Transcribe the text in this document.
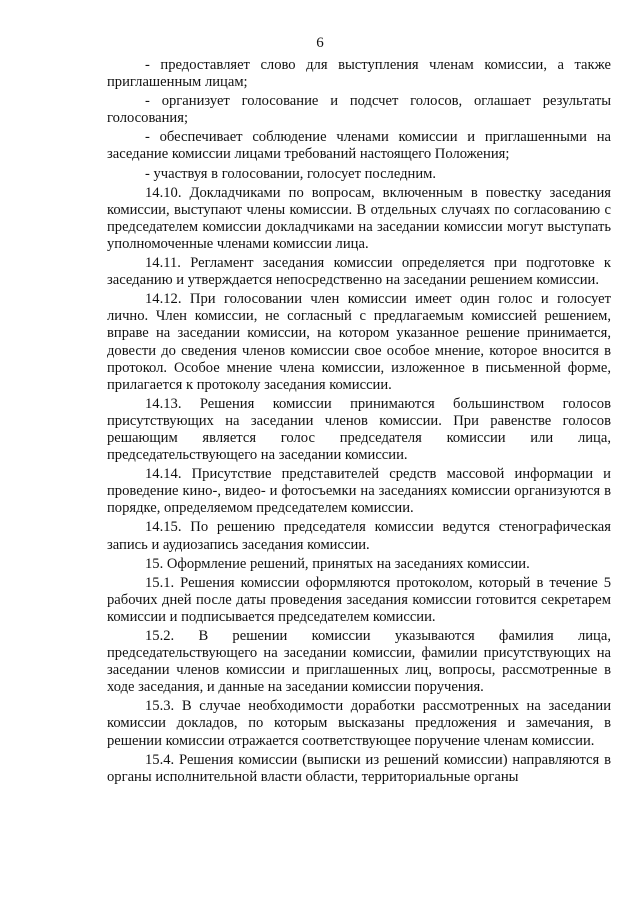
6

- предоставляет слово для выступления членам комиссии, а также приглашенным лицам;

- организует голосование и подсчет голосов, оглашает результаты голосования;

- обеспечивает соблюдение членами комиссии и приглашенными на заседание комиссии лицами требований настоящего Положения;

- участвуя в голосовании, голосует последним.

14.10. Докладчиками по вопросам, включенным в повестку заседания комиссии, выступают члены комиссии. В отдельных случаях по согласованию с председателем комиссии докладчиками на заседании комиссии могут выступать уполномоченные членами комиссии лица.

14.11. Регламент заседания комиссии определяется при подготовке к заседанию и утверждается непосредственно на заседании решением комиссии.

14.12. При голосовании член комиссии имеет один голос и голосует лично. Член комиссии, не согласный с предлагаемым комиссией решением, вправе на заседании комиссии, на котором указанное решение принимается, довести до сведения членов комиссии свое особое мнение, которое вносится в протокол. Особое мнение члена комиссии, изложенное в письменной форме, прилагается к протоколу заседания комиссии.

14.13. Решения комиссии принимаются большинством голосов присутствующих на заседании членов комиссии. При равенстве голосов решающим является голос председателя комиссии или лица, председательствующего на заседании комиссии.

14.14. Присутствие представителей средств массовой информации и проведение кино-, видео- и фотосъемки на заседаниях комиссии организуются в порядке, определяемом председателем комиссии.

14.15. По решению председателя комиссии ведутся стенографическая запись и аудиозапись заседания комиссии.

15. Оформление решений, принятых на заседаниях комиссии.

15.1. Решения комиссии оформляются протоколом, который в течение 5 рабочих дней после даты проведения заседания комиссии готовится секретарем комиссии и подписывается председателем комиссии.

15.2. В решении комиссии указываются фамилия лица, председательствующего на заседании комиссии, фамилии присутствующих на заседании членов комиссии и приглашенных лиц, вопросы, рассмотренные в ходе заседания, и данные на заседании комиссии поручения.

15.3. В случае необходимости доработки рассмотренных на заседании комиссии докладов, по которым высказаны предложения и замечания, в решении комиссии отражается соответствующее поручение членам комиссии.

15.4. Решения комиссии (выписки из решений комиссии) направляются в органы исполнительной власти области, территориальные органы
